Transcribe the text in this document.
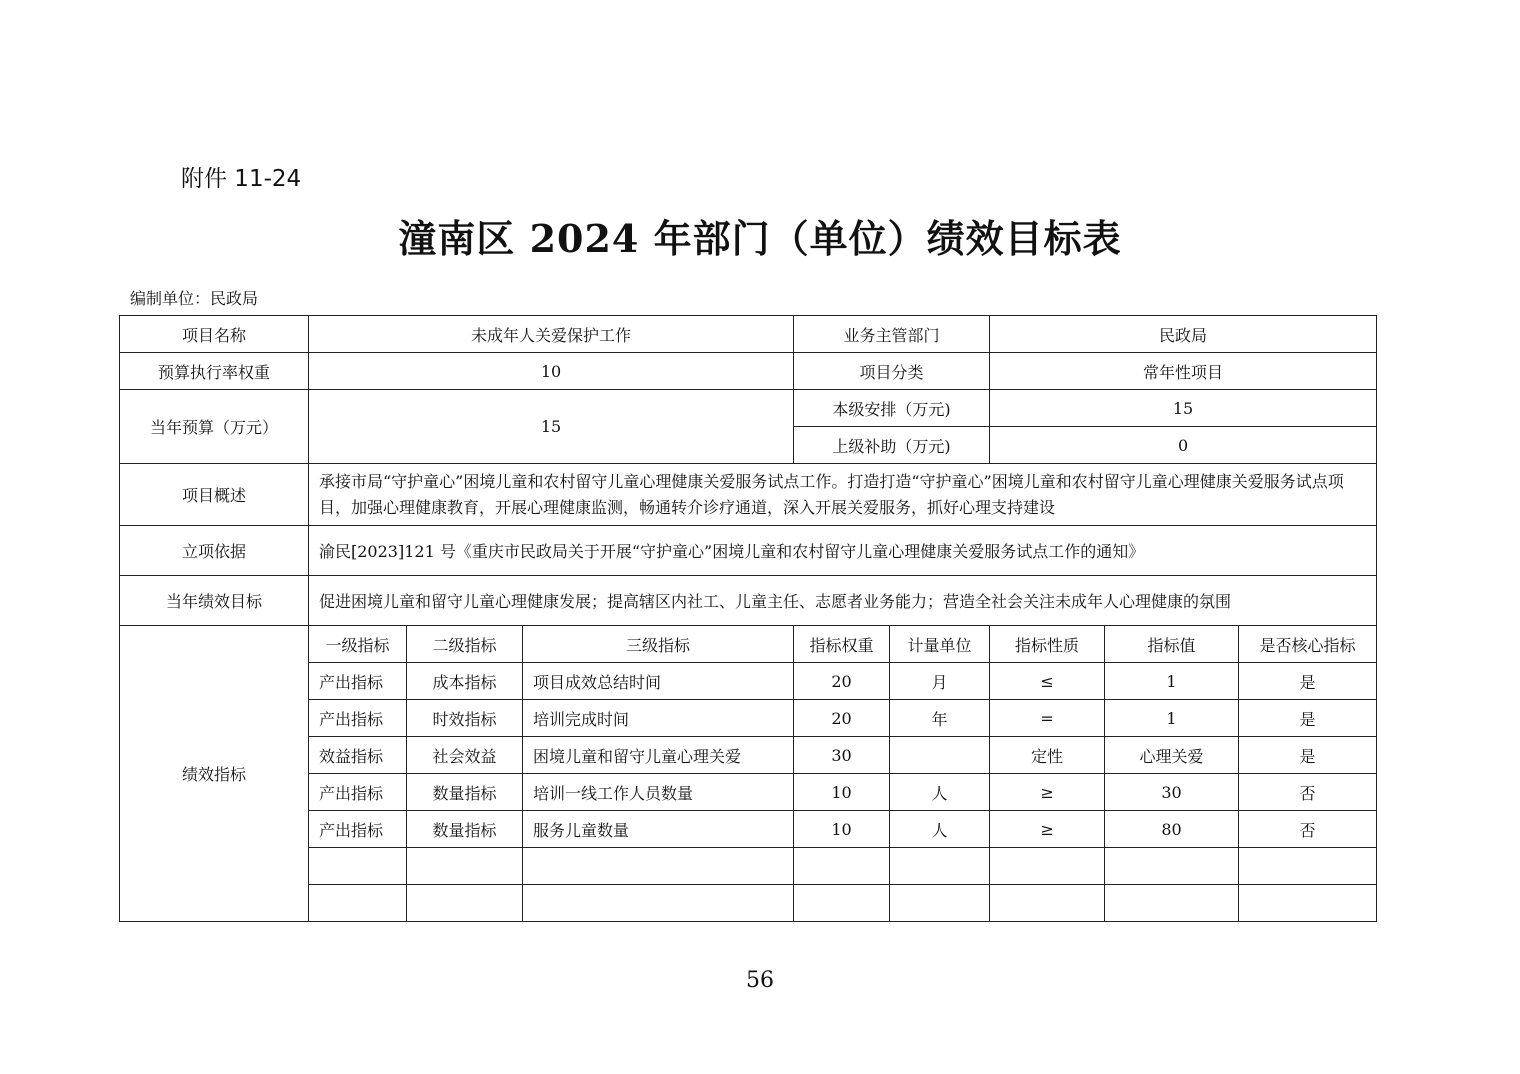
附件 11-24
潼南区 2024 年部门（单位）绩效目标表
编制单位：民政局
项目名称	未成年人关爱保护工作			业务主管部门		民政局		
预算执行率权重	10			项目分类		常年性项目		
当年预算（万元）	15			本级安排（万元)		15		
				上级补助（万元)		0		
项目概述	承接市局“守护童心”困境儿童和农村留守儿童心理健康关爱服务试点工作。打造打造“守护童心”困境儿童和农村留守儿童心理健康关爱服务试点项目，加强心理健康教育，开展心理健康监测，畅通转介诊疗通道，深入开展关爱服务，抓好心理支持建设							
立项依据	渝民[2023]121 号《重庆市民政局关于开展“守护童心”困境儿童和农村留守儿童心理健康关爱服务试点工作的通知》							
当年绩效目标	促进困境儿童和留守儿童心理健康发展；提高辖区内社工、儿童主任、志愿者业务能力；营造全社会关注未成年人心理健康的氛围							
绩效指标	一级指标	二级指标	三级指标	指标权重	计量单位	指标性质	指标值	是否核心指标
	产出指标	成本指标	项目成效总结时间	20	月	≤	1	是
	产出指标	时效指标	培训完成时间	20	年	=	1	是
	效益指标	社会效益	困境儿童和留守儿童心理关爱	30		定性	心理关爱	是
	产出指标	数量指标	培训一线工作人员数量	10	人	≥	30	否
	产出指标	数量指标	服务儿童数量	10	人	≥	80	否

56
